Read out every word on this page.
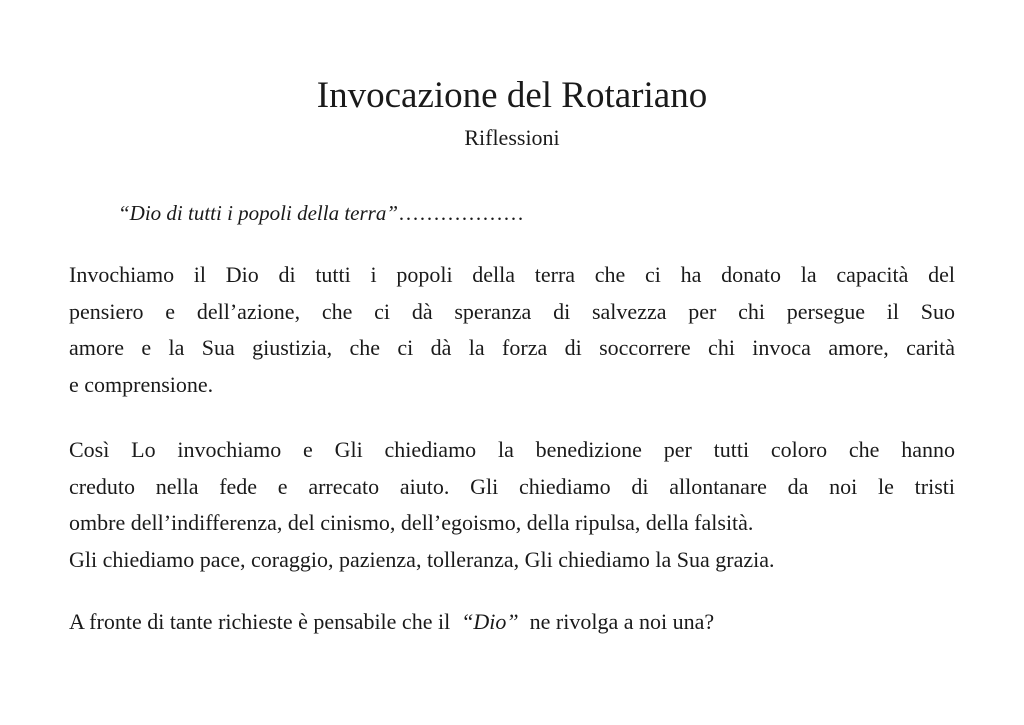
Invocazione del Rotariano
Riflessioni

“Dio di tutti i popoli della terra”………………

Invochiamo il Dio di tutti i popoli della terra che ci ha donato la capacità del
pensiero e dell’azione, che ci dà speranza di salvezza per chi persegue il Suo
amore e la Sua giustizia, che ci dà la forza di soccorrere chi invoca amore, carità
e comprensione.

Così Lo invochiamo e Gli chiediamo la benedizione per tutti coloro che hanno
creduto nella fede e arrecato aiuto. Gli chiediamo di allontanare da noi le tristi
ombre dell’indifferenza, del cinismo, dell’egoismo, della ripulsa, della falsità.
Gli chiediamo pace, coraggio, pazienza, tolleranza, Gli chiediamo la Sua grazia.

A fronte di tante richieste è pensabile che il  “Dio”  ne rivolga a noi una?
